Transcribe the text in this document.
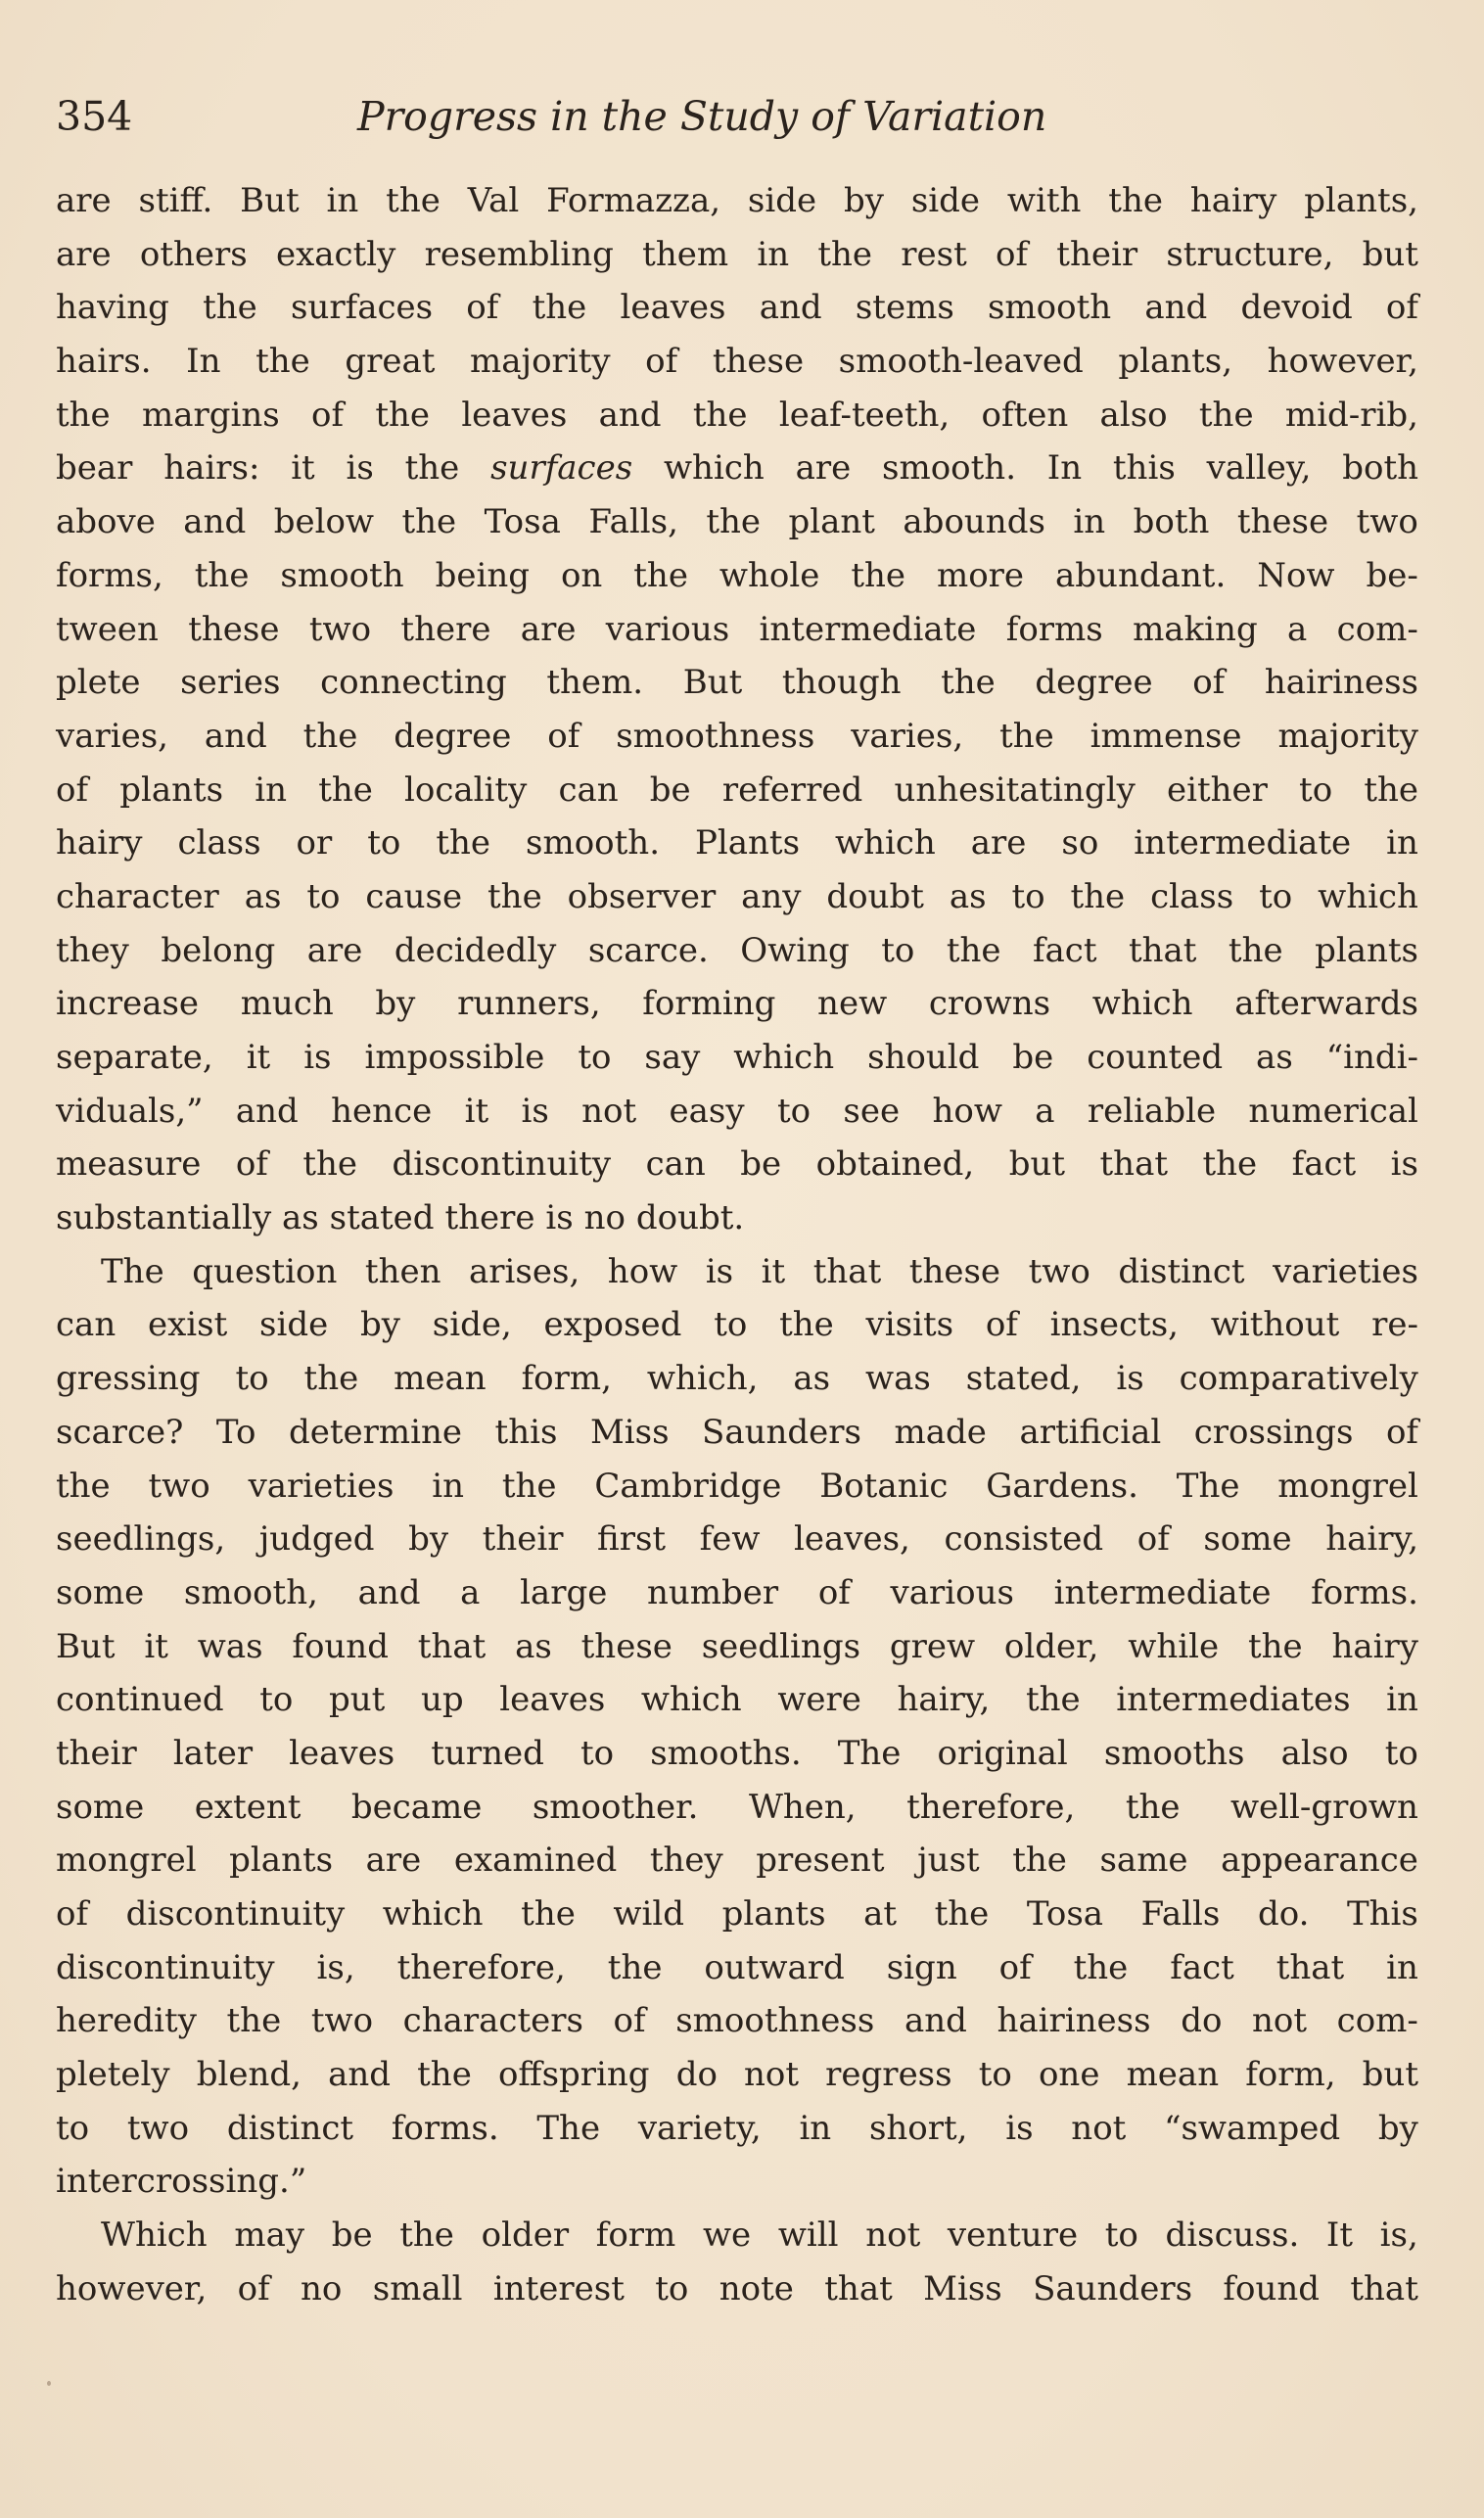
354	Progress in the Study of Variation
are stiff. But in the Val Formazza, side by side with the hairy plants,
are others exactly resembling them in the rest of their structure, but
having the surfaces of the leaves and stems smooth and devoid of
hairs. In the great majority of these smooth-leaved plants, however,
the margins of the leaves and the leaf-teeth, often also the mid-rib,
bear hairs: it is the surfaces which are smooth. In this valley, both
above and below the Tosa Falls, the plant abounds in both these two
forms, the smooth being on the whole the more abundant. Now be-
tween these two there are various intermediate forms making a com-
plete series connecting them. But though the degree of hairiness
varies, and the degree of smoothness varies, the immense majority
of plants in the locality can be referred unhesitatingly either to the
hairy class or to the smooth. Plants which are so intermediate in
character as to cause the observer any doubt as to the class to which
they belong are decidedly scarce. Owing to the fact that the plants
increase much by runners, forming new crowns which afterwards
separate, it is impossible to say which should be counted as “indi-
viduals,” and hence it is not easy to see how a reliable numerical
measure of the discontinuity can be obtained, but that the fact is
substantially as stated there is no doubt.
The question then arises, how is it that these two distinct varieties
can exist side by side, exposed to the visits of insects, without re-
gressing to the mean form, which, as was stated, is comparatively
scarce? To determine this Miss Saunders made artificial crossings of
the two varieties in the Cambridge Botanic Gardens. The mongrel
seedlings, judged by their first few leaves, consisted of some hairy,
some smooth, and a large number of various intermediate forms.
But it was found that as these seedlings grew older, while the hairy
continued to put up leaves which were hairy, the intermediates in
their later leaves turned to smooths. The original smooths also to
some extent became smoother. When, therefore, the well-grown
mongrel plants are examined they present just the same appearance
of discontinuity which the wild plants at the Tosa Falls do. This
discontinuity is, therefore, the outward sign of the fact that in
heredity the two characters of smoothness and hairiness do not com-
pletely blend, and the offspring do not regress to one mean form, but
to two distinct forms. The variety, in short, is not “swamped by
intercrossing.”
Which may be the older form we will not venture to discuss. It is,
however, of no small interest to note that Miss Saunders found that
